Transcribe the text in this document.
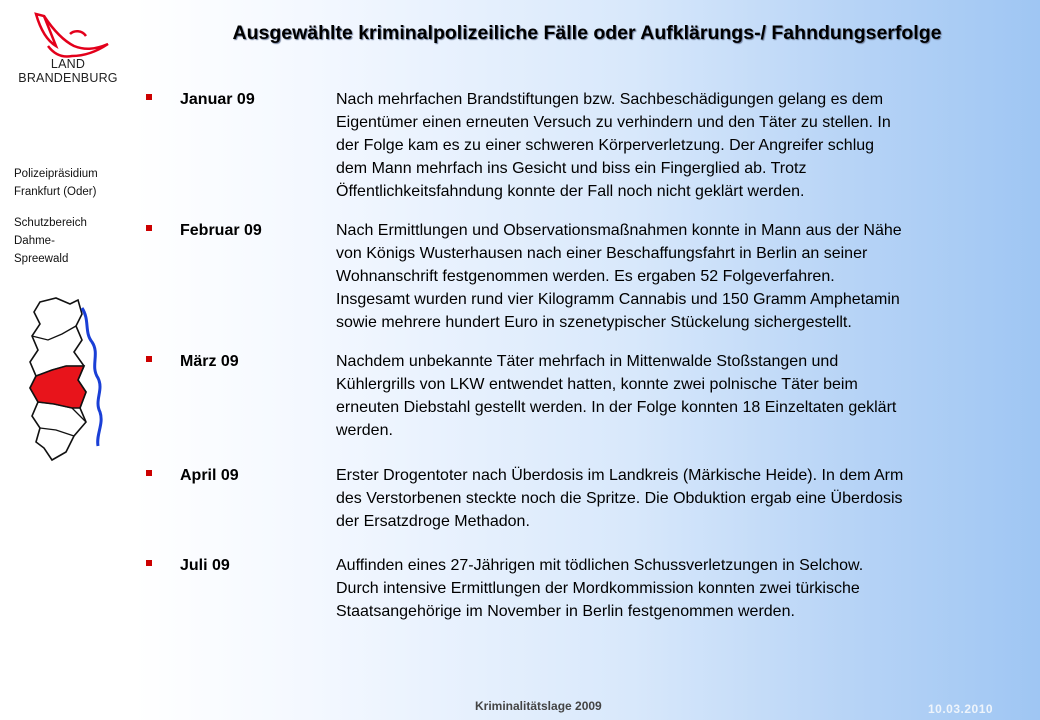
LAND
BRANDENBURG
Polizeipräsidium
Frankfurt (Oder)
Schutzbereich
Dahme-
Spreewald
Ausgewählte kriminalpolizeiliche Fälle oder Aufklärungs-/ Fahndungserfolge
Januar 09	Nach mehrfachen Brandstiftungen bzw. Sachbeschädigungen gelang es dem
Eigentümer einen erneuten Versuch zu verhindern und den Täter zu stellen. In
der Folge kam es zu einer schweren Körperverletzung. Der Angreifer schlug
dem Mann mehrfach ins Gesicht und biss ein Fingerglied ab. Trotz
Öffentlichkeitsfahndung konnte der Fall noch nicht geklärt werden.
Februar 09	Nach Ermittlungen und Observationsmaßnahmen konnte in Mann aus der Nähe
von Königs Wusterhausen nach einer Beschaffungsfahrt in Berlin an seiner
Wohnanschrift festgenommen werden. Es ergaben 52 Folgeverfahren.
Insgesamt wurden rund vier Kilogramm Cannabis und 150 Gramm Amphetamin
sowie mehrere hundert Euro in szenetypischer Stückelung sichergestellt.
März 09	Nachdem unbekannte Täter mehrfach in Mittenwalde Stoßstangen und
Kühlergrills von LKW entwendet hatten, konnte zwei polnische Täter beim
erneuten Diebstahl gestellt werden. In der Folge konnten 18 Einzeltaten geklärt
werden.
April 09	Erster Drogentoter nach Überdosis im Landkreis (Märkische Heide). In dem Arm
des Verstorbenen steckte noch die Spritze. Die Obduktion ergab eine Überdosis
der Ersatzdroge Methadon.
Juli 09	Auffinden eines 27-Jährigen mit tödlichen Schussverletzungen in Selchow.
Durch intensive Ermittlungen der Mordkommission konnten zwei türkische
Staatsangehörige im November in Berlin festgenommen werden.
Kriminalitätslage 2009	10.03.2010
